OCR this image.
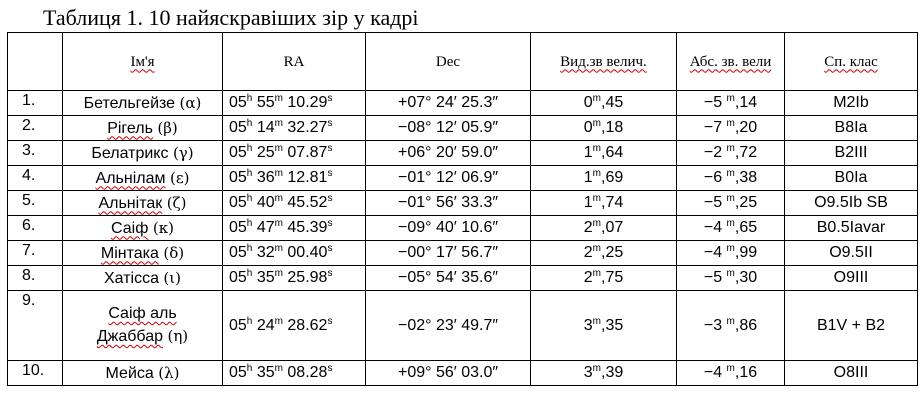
Таблиця 1. 10 найяскравіших зір у кадрі
	Ім'я	RA	Dec	Вид.зв велич.	Абс. зв. вели	Сп. клас
1.	Бетельгейзе (α)	05$^h$ 55$^m$ $10.29^s$	+07° 24′ 25.3″	$0^m,45$	−5 $^m$,14	M2Ib
2.	Рігель (β)	05$^h$ 14$^m$ $32.27^s$	−08° 12′ 05.9″	$0^m,18$	−7 $^m$,20	B8Ia
3.	Белатрикс (γ)	05$^h$ 25$^m$ $07.87^s$	+06° 20′ 59.0″	$1^m,64$	−2 $^m$,72	B2III
4.	Альнілам (ε)	05$^h$ 36$^m$ $12.81^s$	−01° 12′ 06.9″	$1^m,69$	−6 $^m$,38	B0Ia
5.	Альнітак (ζ)	05$^h$ 40$^m$ $45.52^s$	−01° 56′ 33.3″	$1^m,74$	−5 $^m$,25	O9.5Ib SB
6.	Саіф (κ)	05$^h$ 47$^m$ $45.39^s$	−09° 40′ 10.6″	$2^m,07$	−4 $^m$,65	B0.5Iavar
7.	Мінтака (δ)	05$^h$ 32$^m$ $00.40^s$	−00° 17′ 56.7″	$2^m,25$	−4 $^m$,99	O9.5II
8.	Хатісса (ι)	05$^h$ 35$^m$ $25.98^s$	−05° 54′ 35.6″	$2^m,75$	−5 $^m$,30	O9III
9.	Саіф аль Джаббар (η)	05$^h$ 24$^m$ $28.62^s$	−02° 23′ 49.7″	$3^m,35$	−3 $^m$,86	B1V + B2
10.	Мейса (λ)	05$^h$ 35$^m$ $08.28^s$	+09° 56′ 03.0″	$3^m,39$	−4 $^m$,16	O8III
